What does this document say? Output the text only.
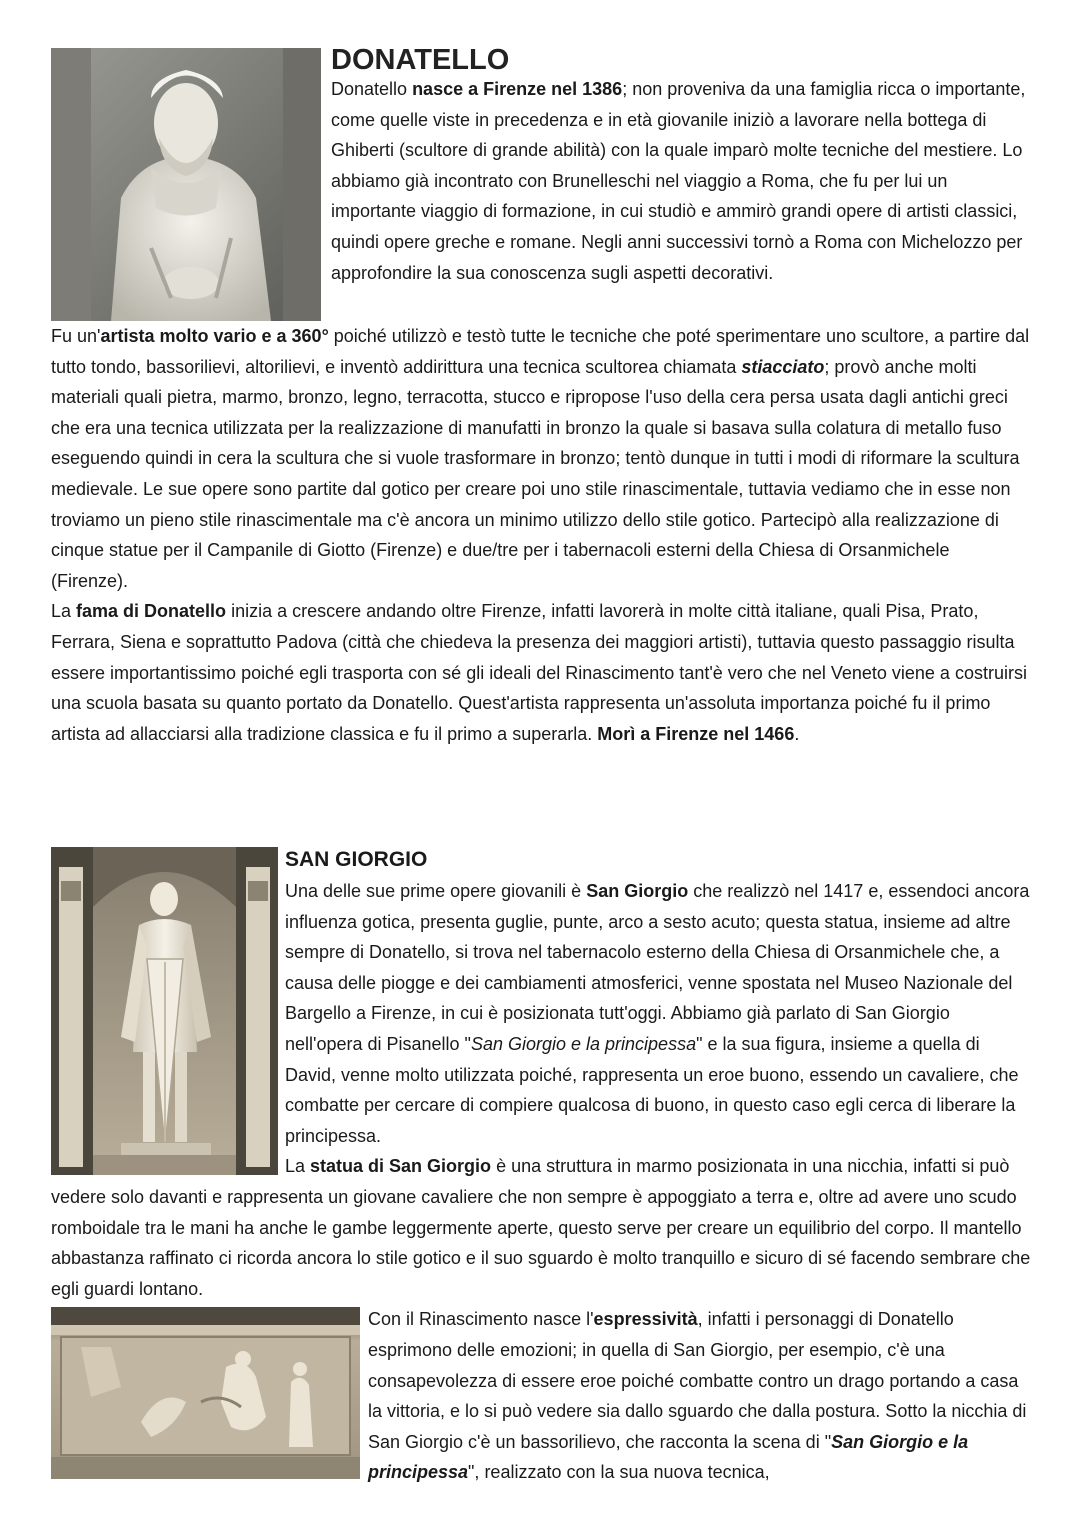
DONATELLO

Donatello nasce a Firenze nel 1386; non proveniva da una famiglia ricca o importante, come quelle viste in precedenza e in età giovanile iniziò a lavorare nella bottega di Ghiberti (scultore di grande abilità) con la quale imparò molte tecniche del mestiere. Lo abbiamo già incontrato con Brunelleschi nel viaggio a Roma, che fu per lui un importante viaggio di formazione, in cui studiò e ammirò grandi opere di artisti classici, quindi opere greche e romane. Negli anni successivi tornò a Roma con Michelozzo per approfondire la sua conoscenza sugli aspetti decorativi.

Fu un'artista molto vario e a 360° poiché utilizzò e testò tutte le tecniche che poté sperimentare uno scultore, a partire dal tutto tondo, bassorilievi, altorilievi, e inventò addirittura una tecnica scultorea chiamata stiacciato; provò anche molti materiali quali pietra, marmo, bronzo, legno, terracotta, stucco e ripropose l'uso della cera persa usata dagli antichi greci che era una tecnica utilizzata per la realizzazione di manufatti in bronzo la quale si basava sulla colatura di metallo fuso eseguendo quindi in cera la scultura che si vuole trasformare in bronzo; tentò dunque in tutti i modi di riformare la scultura medievale. Le sue opere sono partite dal gotico per creare poi uno stile rinascimentale, tuttavia vediamo che in esse non troviamo un pieno stile rinascimentale ma c'è ancora un minimo utilizzo dello stile gotico. Partecipò alla realizzazione di cinque statue per il Campanile di Giotto (Firenze) e due/tre per i tabernacoli esterni della Chiesa di Orsanmichele (Firenze).

La fama di Donatello inizia a crescere andando oltre Firenze, infatti lavorerà in molte città italiane, quali Pisa, Prato, Ferrara, Siena e soprattutto Padova (città che chiedeva la presenza dei maggiori artisti), tuttavia questo passaggio risulta essere importantissimo poiché egli trasporta con sé gli ideali del Rinascimento tant'è vero che nel Veneto viene a costruirsi una scuola basata su quanto portato da Donatello. Quest'artista rappresenta un'assoluta importanza poiché fu il primo artista ad allacciarsi alla tradizione classica e fu il primo a superarla. Morì a Firenze nel 1466.

SAN GIORGIO

Una delle sue prime opere giovanili è San Giorgio che realizzò nel 1417 e, essendoci ancora influenza gotica, presenta guglie, punte, arco a sesto acuto; questa statua, insieme ad altre sempre di Donatello, si trova nel tabernacolo esterno della Chiesa di Orsanmichele che, a causa delle piogge e dei cambiamenti atmosferici, venne spostata nel Museo Nazionale del Bargello a Firenze, in cui è posizionata tutt'oggi. Abbiamo già parlato di San Giorgio nell'opera di Pisanello "San Giorgio e la principessa" e la sua figura, insieme a quella di David, venne molto utilizzata poiché, rappresenta un eroe buono, essendo un cavaliere, che combatte per cercare di compiere qualcosa di buono, in questo caso egli cerca di liberare la principessa.

La statua di San Giorgio è una struttura in marmo posizionata in una nicchia, infatti si può vedere solo davanti e rappresenta un giovane cavaliere che non sempre è appoggiato a terra e, oltre ad avere uno scudo romboidale tra le mani ha anche le gambe leggermente aperte, questo serve per creare un equilibrio del corpo. Il mantello abbastanza raffinato ci ricorda ancora lo stile gotico e il suo sguardo è molto tranquillo e sicuro di sé facendo sembrare che egli guardi lontano.

Con il Rinascimento nasce l'espressività, infatti i personaggi di Donatello esprimono delle emozioni; in quella di San Giorgio, per esempio, c'è una consapevolezza di essere eroe poiché combatte contro un drago portando a casa la vittoria, e lo si può vedere sia dallo sguardo che dalla postura. Sotto la nicchia di San Giorgio c'è un bassorilievo, che racconta la scena di "San Giorgio e la principessa", realizzato con la sua nuova tecnica,
